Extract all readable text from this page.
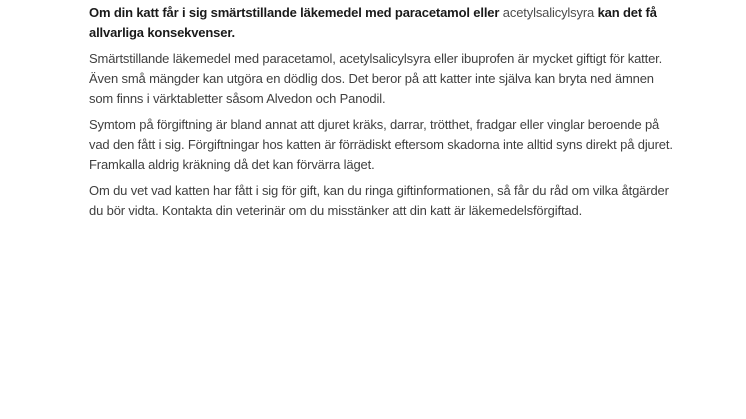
Om din katt får i sig smärtstillande läkemedel med paracetamol eller acetylsalicylsyra kan det få allvarliga konsekvenser.

Smärtstillande läkemedel med paracetamol, acetylsalicylsyra eller ibuprofen är mycket giftigt för katter. Även små mängder kan utgöra en dödlig dos. Det beror på att katter inte själva kan bryta ned ämnen som finns i värktabletter såsom Alvedon och Panodil.

Symtom på förgiftning är bland annat att djuret kräks, darrar, trötthet, fradgar eller vinglar beroende på vad den fått i sig. Förgiftningar hos katten är förrädiskt eftersom skadorna inte alltid syns direkt på djuret. Framkalla aldrig kräkning då det kan förvärra läget.

Om du vet vad katten har fått i sig för gift, kan du ringa giftinformationen, så får du råd om vilka åtgärder du bör vidta. Kontakta din veterinär om du misstänker att din katt är läkemedelsförgiftad.
